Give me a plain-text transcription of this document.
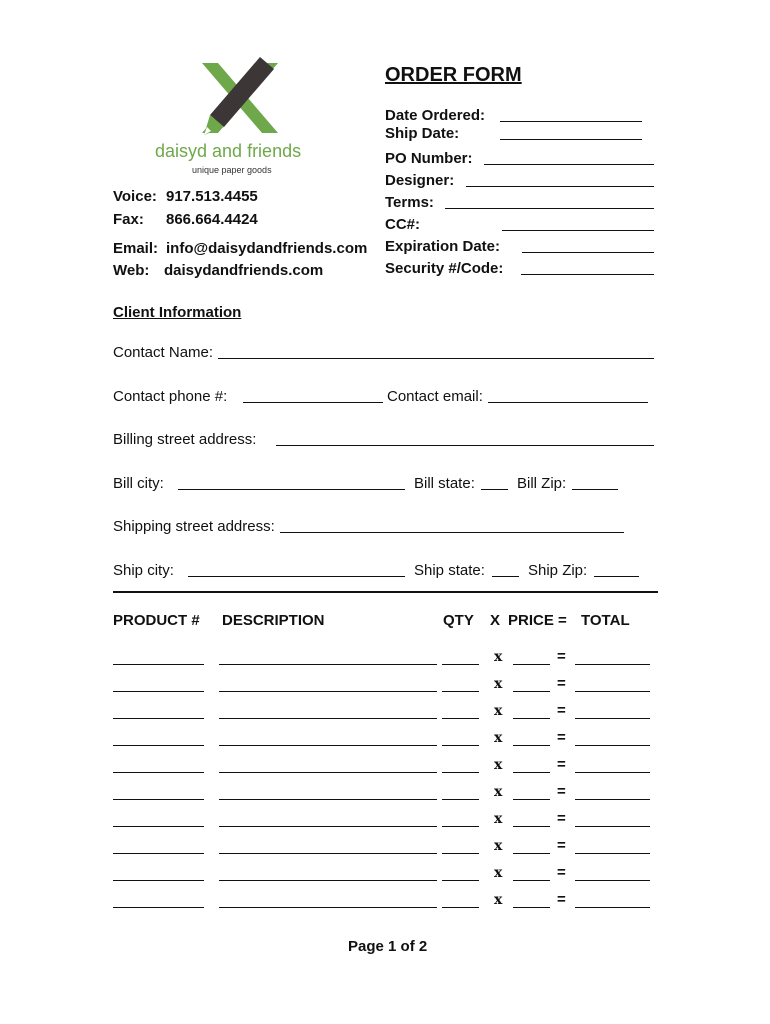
daisyd and friends
unique paper goods
Voice: 917.513.4455
Fax: 866.664.4424
Email: info@daisydandfriends.com
Web: daisydandfriends.com
ORDER FORM
Date Ordered:
Ship Date:
PO Number:
Designer:
Terms:
CC#:
Expiration Date:
Security #/Code:
Client Information
Contact Name:
Contact phone #:	Contact email:
Billing street address:
Bill city:	Bill state:	Bill Zip:
Shipping street address:
Ship city:	Ship state:	Ship Zip:
PRODUCT # DESCRIPTION	QTY X PRICE = TOTAL
x	=
x	=
x	=
x	=
x	=
x	=
x	=
x	=
x	=
x	=
Page 1 of 2
